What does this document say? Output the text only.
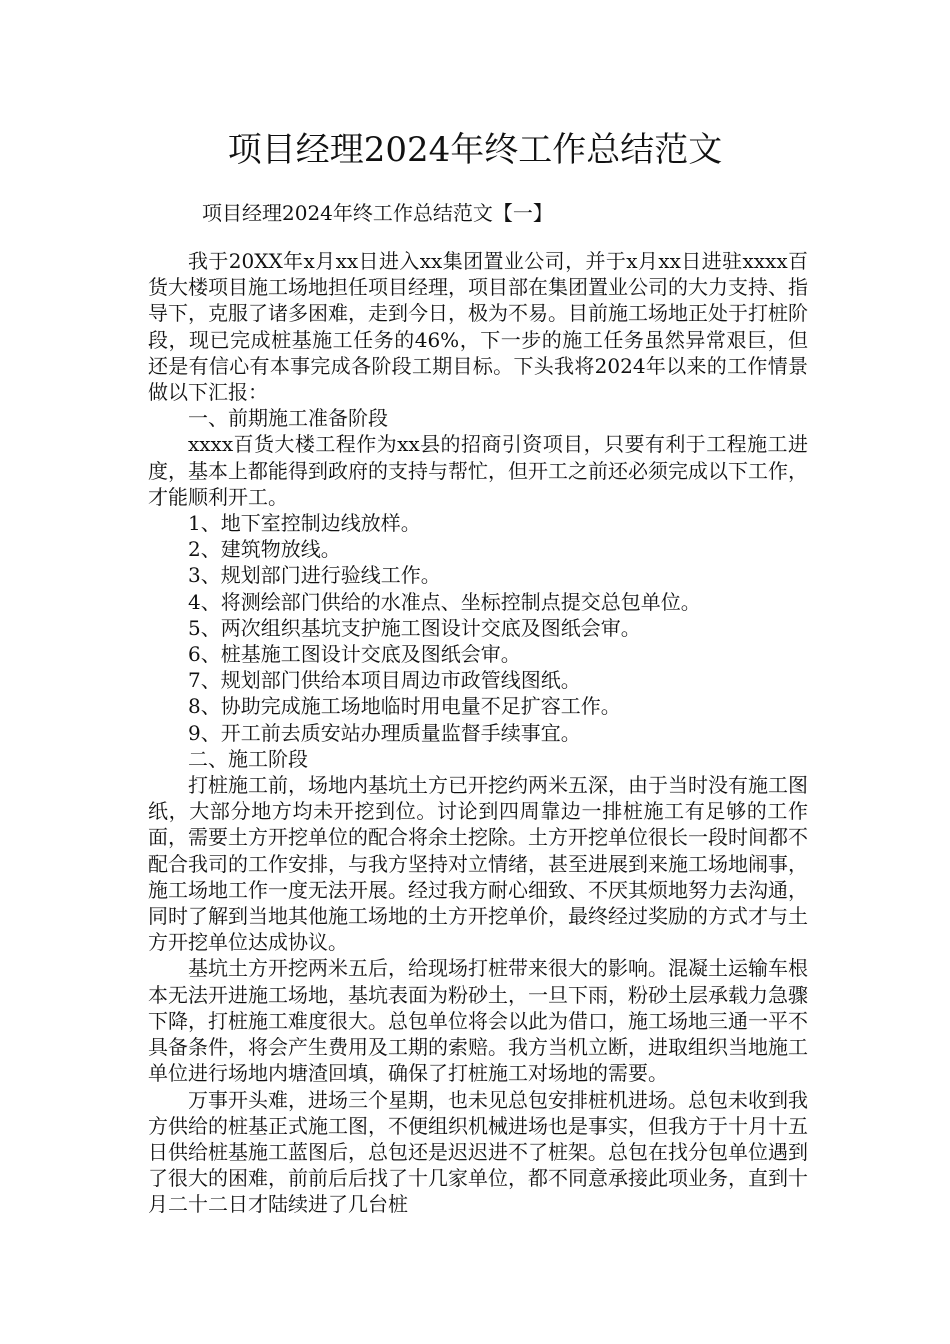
项目经理2024年终工作总结范文
项目经理2024年终工作总结范文【一】

我于20XX年x月xx日进入xx集团置业公司，并于x月xx日进驻xxxx百货大楼项目施工场地担任项目经理，项目部在集团置业公司的大力支持、指导下，克服了诸多困难，走到今日，极为不易。目前施工场地正处于打桩阶段，现已完成桩基施工任务的46%，下一步的施工任务虽然异常艰巨，但还是有信心有本事完成各阶段工期目标。下头我将2024年以来的工作情景做以下汇报：

一、前期施工准备阶段

xxxx百货大楼工程作为xx县的招商引资项目，只要有利于工程施工进度，基本上都能得到政府的支持与帮忙，但开工之前还必须完成以下工作，才能顺利开工。

1、地下室控制边线放样。

2、建筑物放线。

3、规划部门进行验线工作。

4、将测绘部门供给的水准点、坐标控制点提交总包单位。

5、两次组织基坑支护施工图设计交底及图纸会审。

6、桩基施工图设计交底及图纸会审。

7、规划部门供给本项目周边市政管线图纸。

8、协助完成施工场地临时用电量不足扩容工作。

9、开工前去质安站办理质量监督手续事宜。

二、施工阶段

打桩施工前，场地内基坑土方已开挖约两米五深，由于当时没有施工图纸，大部分地方均未开挖到位。讨论到四周靠边一排桩施工有足够的工作面，需要土方开挖单位的配合将余土挖除。土方开挖单位很长一段时间都不配合我司的工作安排，与我方坚持对立情绪，甚至进展到来施工场地闹事，施工场地工作一度无法开展。经过我方耐心细致、不厌其烦地努力去沟通，同时了解到当地其他施工场地的土方开挖单价，最终经过奖励的方式才与土方开挖单位达成协议。

基坑土方开挖两米五后，给现场打桩带来很大的影响。混凝土运输车根本无法开进施工场地，基坑表面为粉砂土，一旦下雨，粉砂土层承载力急骤下降，打桩施工难度很大。总包单位将会以此为借口，施工场地三通一平不具备条件，将会产生费用及工期的索赔。我方当机立断，进取组织当地施工单位进行场地内塘渣回填，确保了打桩施工对场地的需要。

万事开头难，进场三个星期，也未见总包安排桩机进场。总包未收到我方供给的桩基正式施工图，不便组织机械进场也是事实，但我方于十月十五日供给桩基施工蓝图后，总包还是迟迟进不了桩架。总包在找分包单位遇到了很大的困难，前前后后找了十几家单位，都不同意承接此项业务，直到十月二十二日才陆续进了几台桩
